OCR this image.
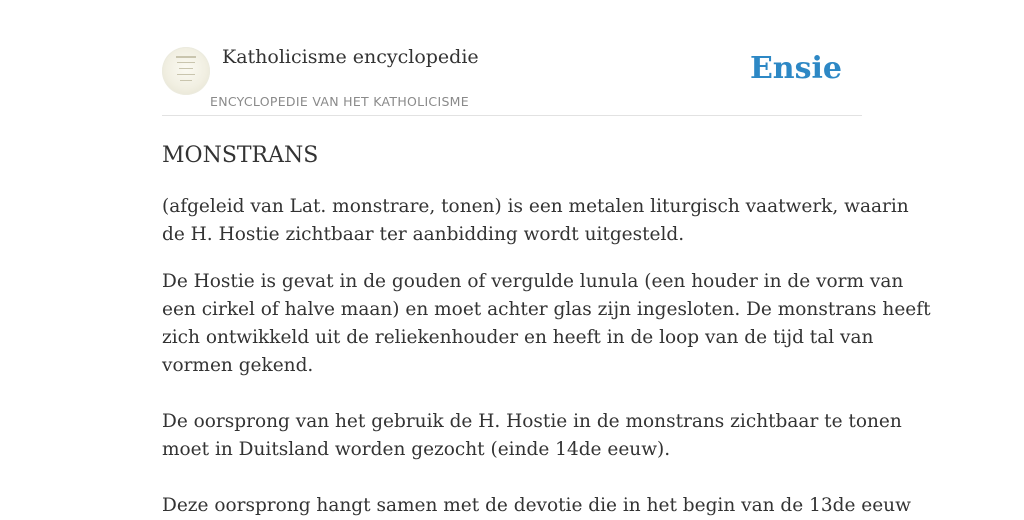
Katholicisme encyclopedie
ENCYCLOPEDIE VAN HET KATHOLICISME
Ensie
MONSTRANS

(afgeleid van Lat. monstrare, tonen) is een metalen liturgisch vaatwerk, waarin
de H. Hostie zichtbaar ter aanbidding wordt uitgesteld.

De Hostie is gevat in de gouden of vergulde lunula (een houder in de vorm van
een cirkel of halve maan) en moet achter glas zijn ingesloten. De monstrans heeft
zich ontwikkeld uit de reliekenhouder en heeft in de loop van de tijd tal van
vormen gekend.

De oorsprong van het gebruik de H. Hostie in de monstrans zichtbaar te tonen
moet in Duitsland worden gezocht (einde 14de eeuw).

Deze oorsprong hangt samen met de devotie die in het begin van de 13de eeuw
